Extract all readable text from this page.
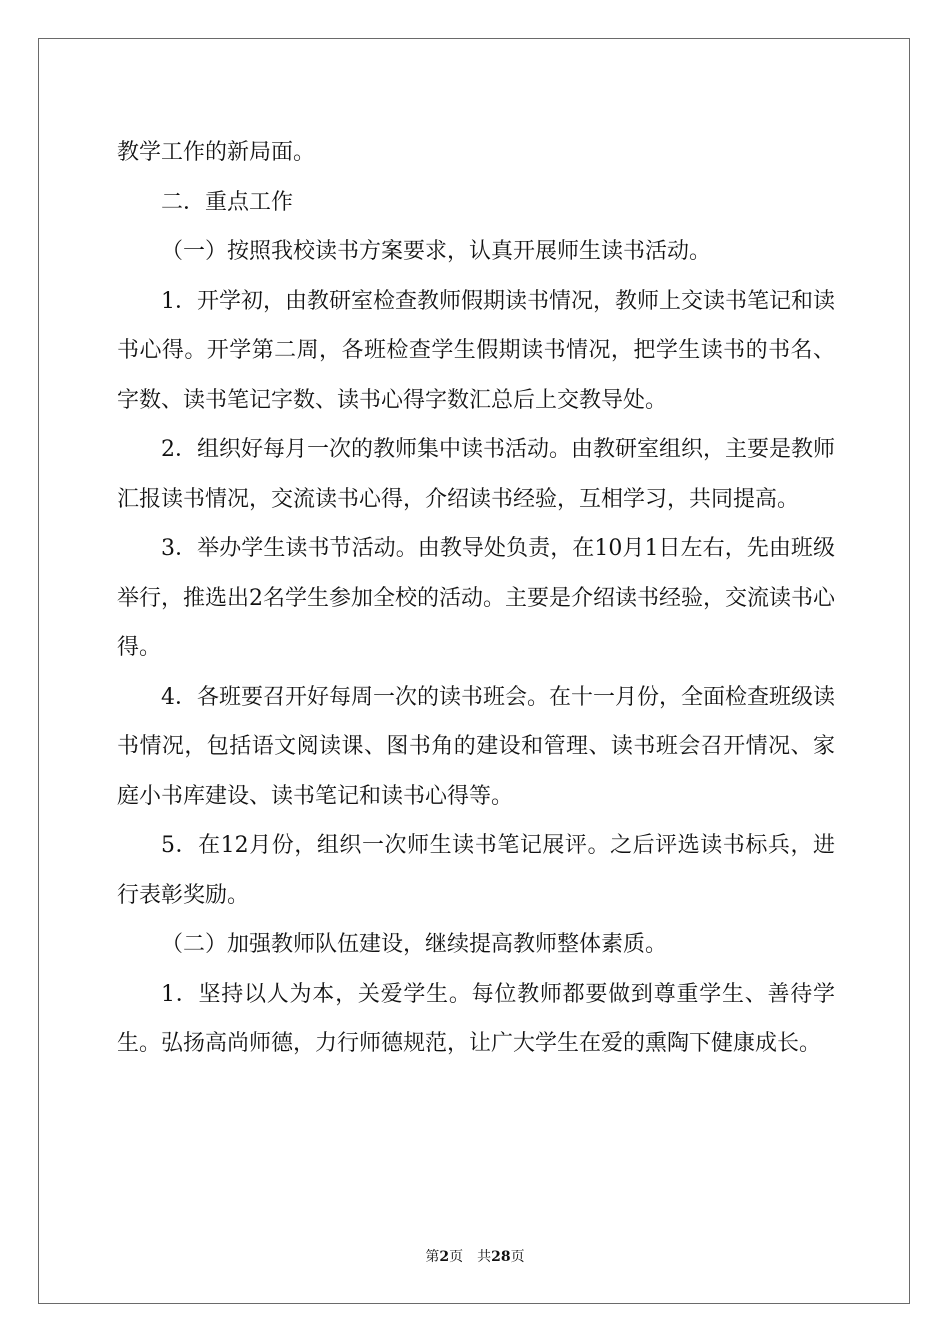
教学工作的新局面。

二．重点工作

（一）按照我校读书方案要求，认真开展师生读书活动。

1．开学初，由教研室检查教师假期读书情况，教师上交读书笔记和读书心得。开学第二周，各班检查学生假期读书情况，把学生读书的书名、字数、读书笔记字数、读书心得字数汇总后上交教导处。

2．组织好每月一次的教师集中读书活动。由教研室组织，主要是教师汇报读书情况，交流读书心得，介绍读书经验，互相学习，共同提高。

3．举办学生读书节活动。由教导处负责，在10月1日左右，先由班级举行，推选出2名学生参加全校的活动。主要是介绍读书经验，交流读书心得。

4．各班要召开好每周一次的读书班会。在十一月份，全面检查班级读书情况，包括语文阅读课、图书角的建设和管理、读书班会召开情况、家庭小书库建设、读书笔记和读书心得等。

5．在12月份，组织一次师生读书笔记展评。之后评选读书标兵，进行表彰奖励。

（二）加强教师队伍建设，继续提高教师整体素质。

1．坚持以人为本，关爱学生。每位教师都要做到尊重学生、善待学生。弘扬高尚师德，力行师德规范，让广大学生在爱的熏陶下健康成长。

第2页 共28页
